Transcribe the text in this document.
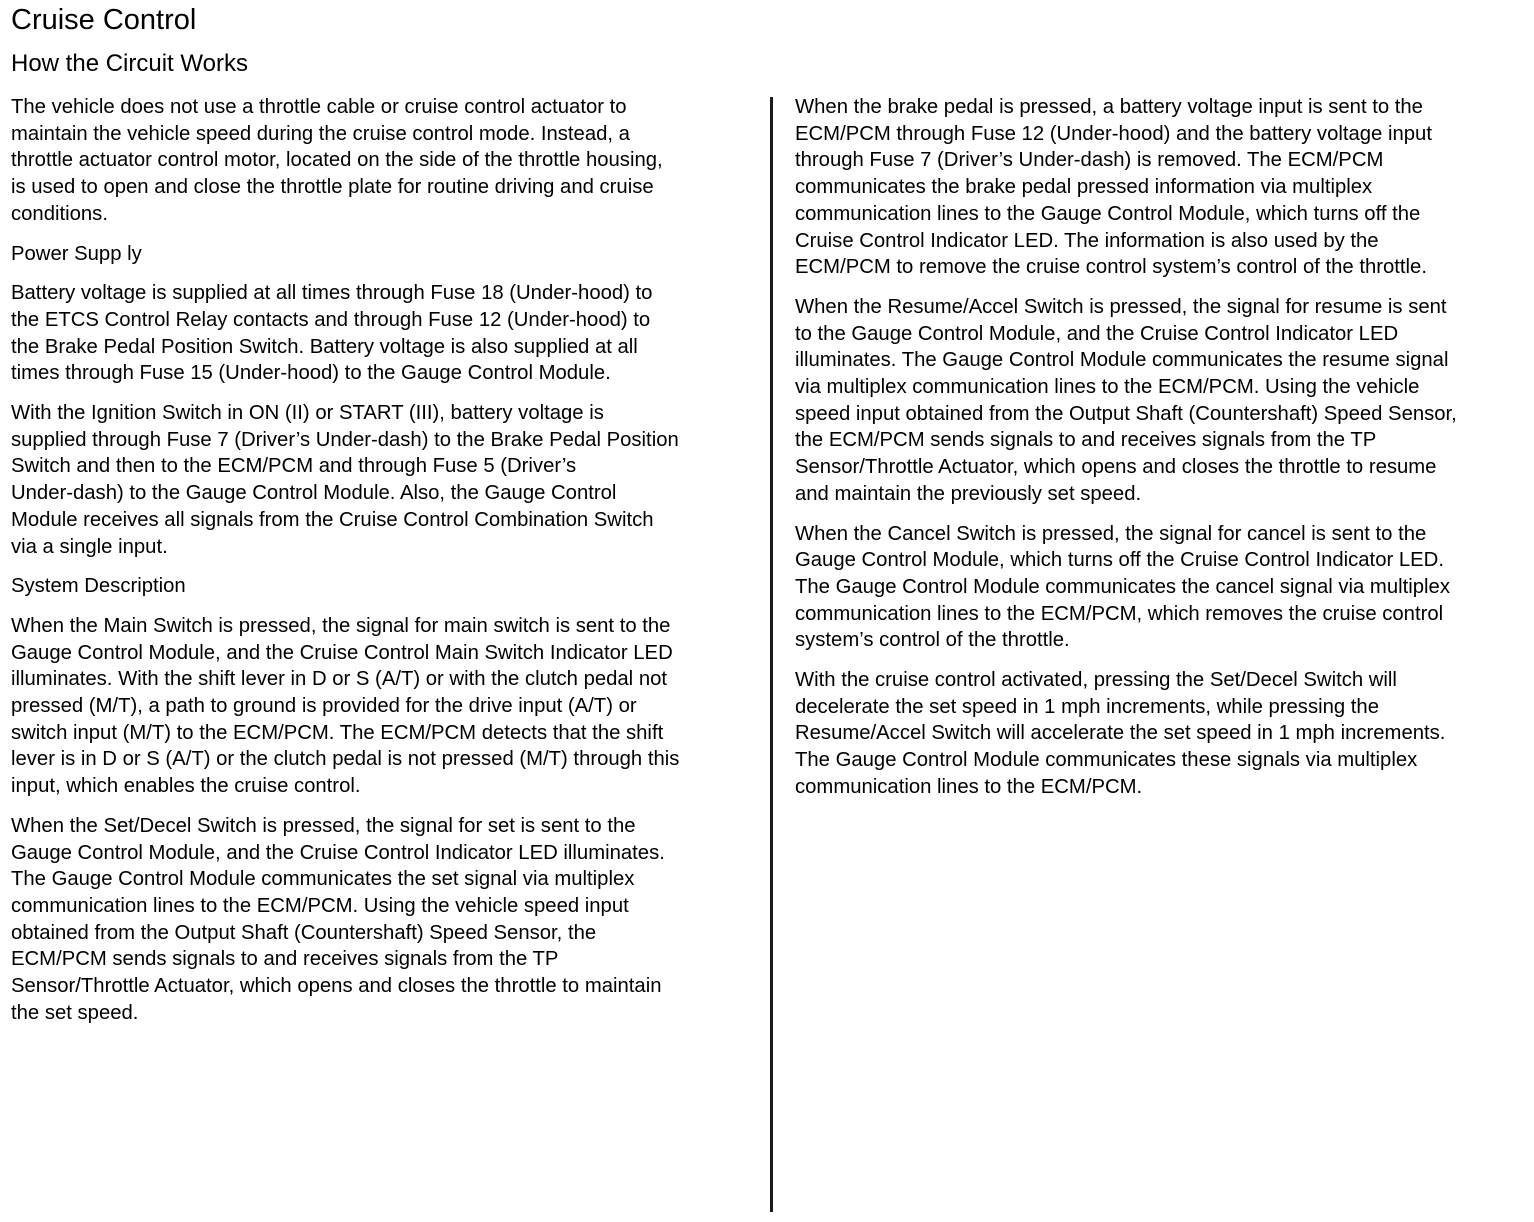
Cruise Control
How the Circuit Works
The vehicle does not use a throttle cable or cruise control actuator to
maintain the vehicle speed during the cruise control mode. Instead, a
throttle actuator control motor, located on the side of the throttle housing,
is used to open and close the throttle plate for routine driving and cruise
conditions.
Power Supp ly
Battery voltage is supplied at all times through Fuse 18 (Under-hood) to
the ETCS Control Relay contacts and through Fuse 12 (Under-hood) to
the Brake Pedal Position Switch. Battery voltage is also supplied at all
times through Fuse 15 (Under-hood) to the Gauge Control Module.
With the Ignition Switch in ON (II) or START (III), battery voltage is
supplied through Fuse 7 (Driver’s Under-dash) to the Brake Pedal Position
Switch and then to the ECM/PCM and through Fuse 5 (Driver’s
Under-dash) to the Gauge Control Module. Also, the Gauge Control
Module receives all signals from the Cruise Control Combination Switch
via a single input.
System Description
When the Main Switch is pressed, the signal for main switch is sent to the
Gauge Control Module, and the Cruise Control Main Switch Indicator LED
illuminates. With the shift lever in D or S (A/T) or with the clutch pedal not
pressed (M/T), a path to ground is provided for the drive input (A/T) or
switch input (M/T) to the ECM/PCM. The ECM/PCM detects that the shift
lever is in D or S (A/T) or the clutch pedal is not pressed (M/T) through this
input, which enables the cruise control.
When the Set/Decel Switch is pressed, the signal for set is sent to the
Gauge Control Module, and the Cruise Control Indicator LED illuminates.
The Gauge Control Module communicates the set signal via multiplex
communication lines to the ECM/PCM. Using the vehicle speed input
obtained from the Output Shaft (Countershaft) Speed Sensor, the
ECM/PCM sends signals to and receives signals from the TP
Sensor/Throttle Actuator, which opens and closes the throttle to maintain
the set speed.
When the brake pedal is pressed, a battery voltage input is sent to the
ECM/PCM through Fuse 12 (Under-hood) and the battery voltage input
through Fuse 7 (Driver’s Under-dash) is removed. The ECM/PCM
communicates the brake pedal pressed information via multiplex
communication lines to the Gauge Control Module, which turns off the
Cruise Control Indicator LED. The information is also used by the
ECM/PCM to remove the cruise control system’s control of the throttle.
When the Resume/Accel Switch is pressed, the signal for resume is sent
to the Gauge Control Module, and the Cruise Control Indicator LED
illuminates. The Gauge Control Module communicates the resume signal
via multiplex communication lines to the ECM/PCM. Using the vehicle
speed input obtained from the Output Shaft (Countershaft) Speed Sensor,
the ECM/PCM sends signals to and receives signals from the TP
Sensor/Throttle Actuator, which opens and closes the throttle to resume
and maintain the previously set speed.
When the Cancel Switch is pressed, the signal for cancel is sent to the
Gauge Control Module, which turns off the Cruise Control Indicator LED.
The Gauge Control Module communicates the cancel signal via multiplex
communication lines to the ECM/PCM, which removes the cruise control
system’s control of the throttle.
With the cruise control activated, pressing the Set/Decel Switch will
decelerate the set speed in 1 mph increments, while pressing the
Resume/Accel Switch will accelerate the set speed in 1 mph increments.
The Gauge Control Module communicates these signals via multiplex
communication lines to the ECM/PCM.
